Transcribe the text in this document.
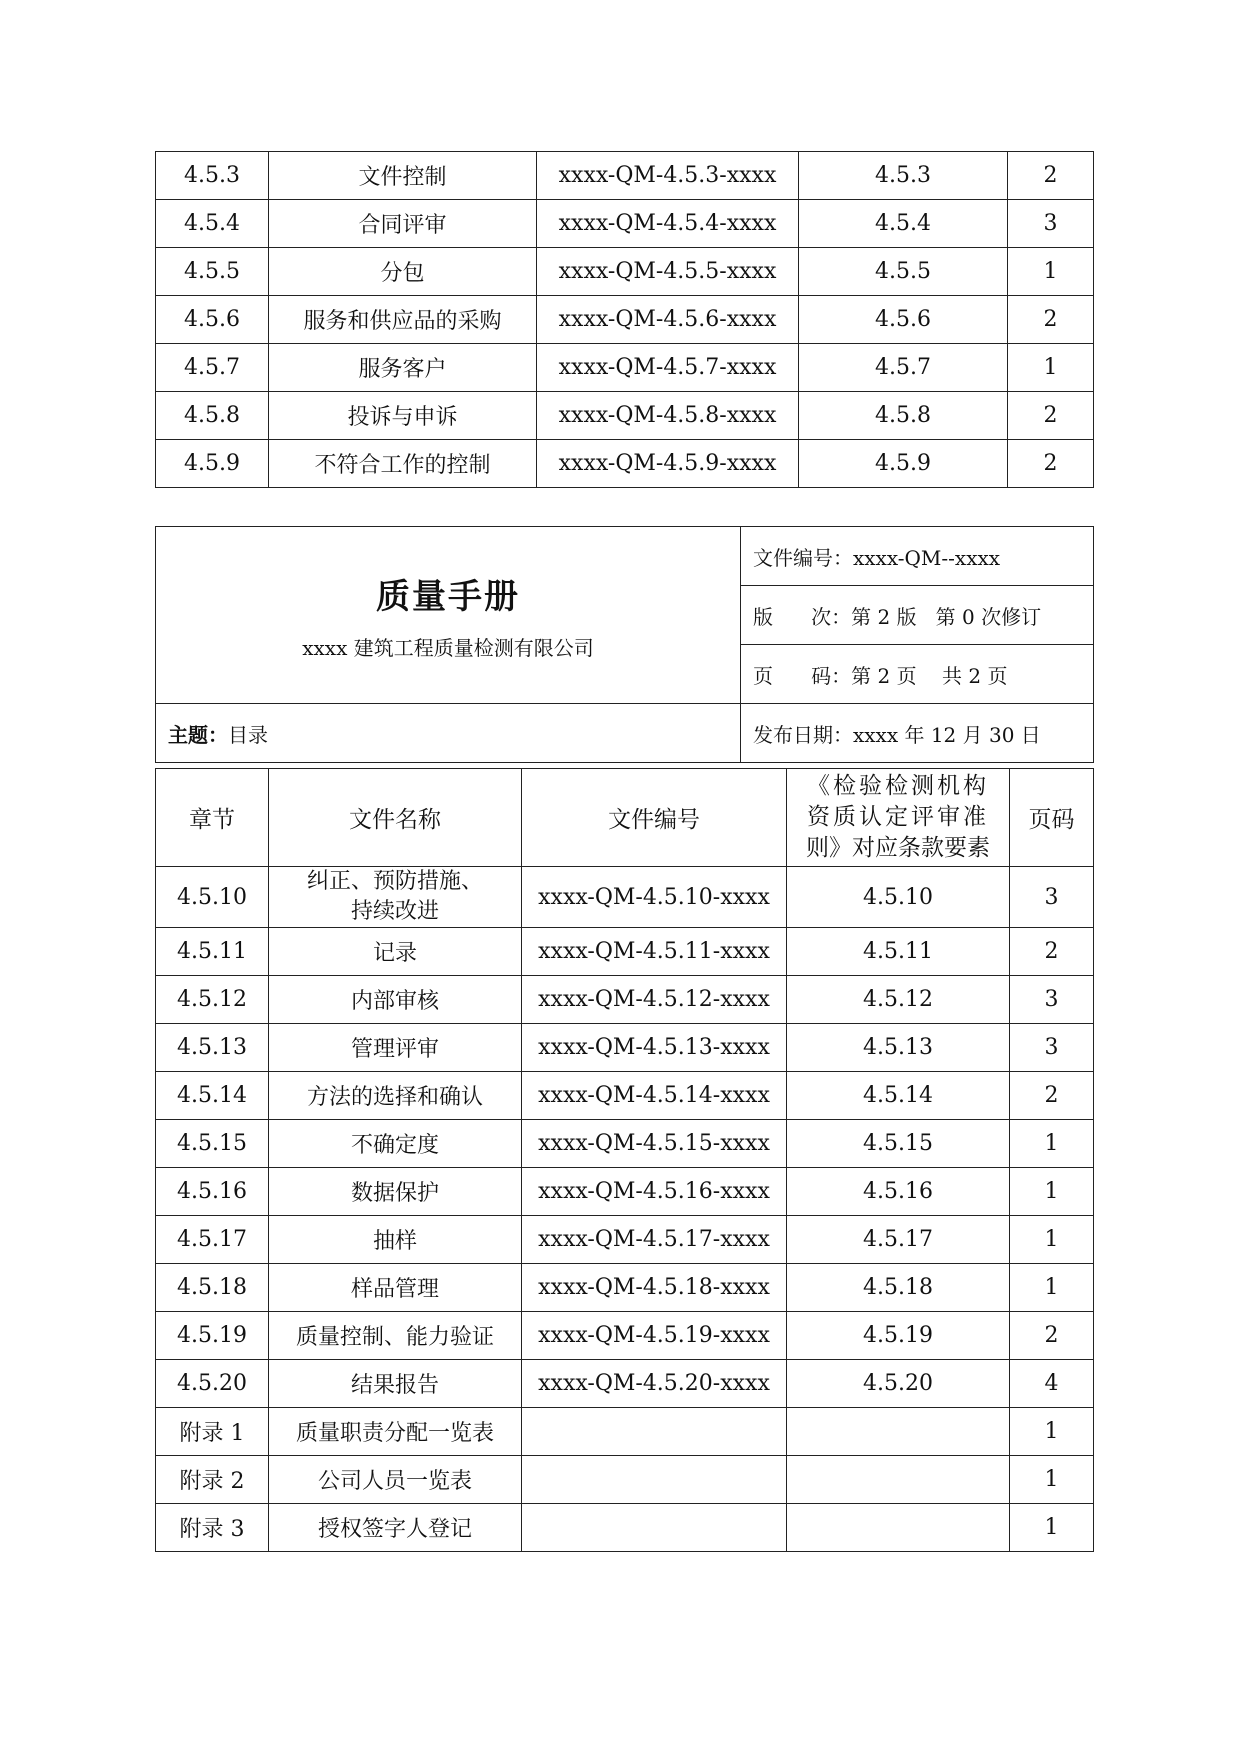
4.5.3	文件控制	xxxx-QM-4.5.3-xxxx	4.5.3	2
4.5.4	合同评审	xxxx-QM-4.5.4-xxxx	4.5.4	3
4.5.5	分包	xxxx-QM-4.5.5-xxxx	4.5.5	1
4.5.6	服务和供应品的采购	xxxx-QM-4.5.6-xxxx	4.5.6	2
4.5.7	服务客户	xxxx-QM-4.5.7-xxxx	4.5.7	1
4.5.8	投诉与申诉	xxxx-QM-4.5.8-xxxx	4.5.8	2
4.5.9	不符合工作的控制	xxxx-QM-4.5.9-xxxx	4.5.9	2
质量手册
xxxx 建筑工程质量检测有限公司	文件编号：xxxx-QM--xxxx
	版      次：第 2 版   第 0 次修订
	页      码：第 2 页    共 2 页
主题：目录	发布日期：xxxx 年 12 月 30 日
章节	文件名称	文件编号	《检验检测机构
资质认定评审准
则》对应条款要素	页码
4.5.10	纠正、预防措施、
持续改进	xxxx-QM-4.5.10-xxxx	4.5.10	3
4.5.11	记录	xxxx-QM-4.5.11-xxxx	4.5.11	2
4.5.12	内部审核	xxxx-QM-4.5.12-xxxx	4.5.12	3
4.5.13	管理评审	xxxx-QM-4.5.13-xxxx	4.5.13	3
4.5.14	方法的选择和确认	xxxx-QM-4.5.14-xxxx	4.5.14	2
4.5.15	不确定度	xxxx-QM-4.5.15-xxxx	4.5.15	1
4.5.16	数据保护	xxxx-QM-4.5.16-xxxx	4.5.16	1
4.5.17	抽样	xxxx-QM-4.5.17-xxxx	4.5.17	1
4.5.18	样品管理	xxxx-QM-4.5.18-xxxx	4.5.18	1
4.5.19	质量控制、能力验证	xxxx-QM-4.5.19-xxxx	4.5.19	2
4.5.20	结果报告	xxxx-QM-4.5.20-xxxx	4.5.20	4
附录 1	质量职责分配一览表			1
附录 2	公司人员一览表			1
附录 3	授权签字人登记			1
